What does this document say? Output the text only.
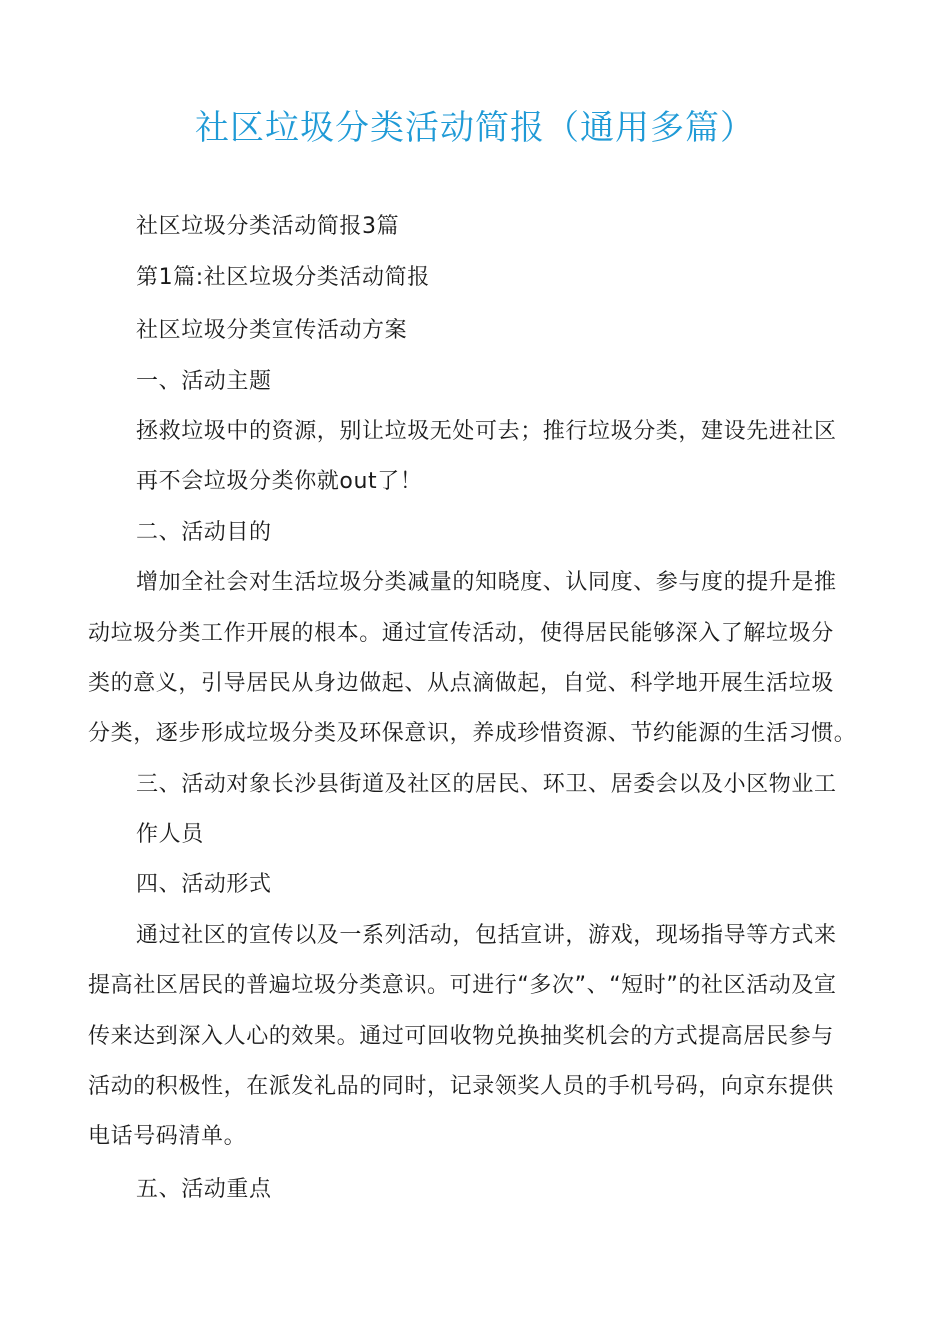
社区垃圾分类活动简报（通用多篇）
社区垃圾分类活动简报3篇
第1篇:社区垃圾分类活动简报
社区垃圾分类宣传活动方案
一、活动主题
拯救垃圾中的资源，别让垃圾无处可去；推行垃圾分类，建设先进社区
再不会垃圾分类你就out了！
二、活动目的
增加全社会对生活垃圾分类减量的知晓度、认同度、参与度的提升是推
动垃圾分类工作开展的根本。通过宣传活动，使得居民能够深入了解垃圾分
类的意义，引导居民从身边做起、从点滴做起，自觉、科学地开展生活垃圾
分类，逐步形成垃圾分类及环保意识，养成珍惜资源、节约能源的生活习惯。
三、活动对象长沙县街道及社区的居民、环卫、居委会以及小区物业工
作人员
四、活动形式
通过社区的宣传以及一系列活动，包括宣讲，游戏，现场指导等方式来
提高社区居民的普遍垃圾分类意识。可进行“多次”、“短时”的社区活动及宣
传来达到深入人心的效果。通过可回收物兑换抽奖机会的方式提高居民参与
活动的积极性，在派发礼品的同时，记录领奖人员的手机号码，向京东提供
电话号码清单。
五、活动重点
